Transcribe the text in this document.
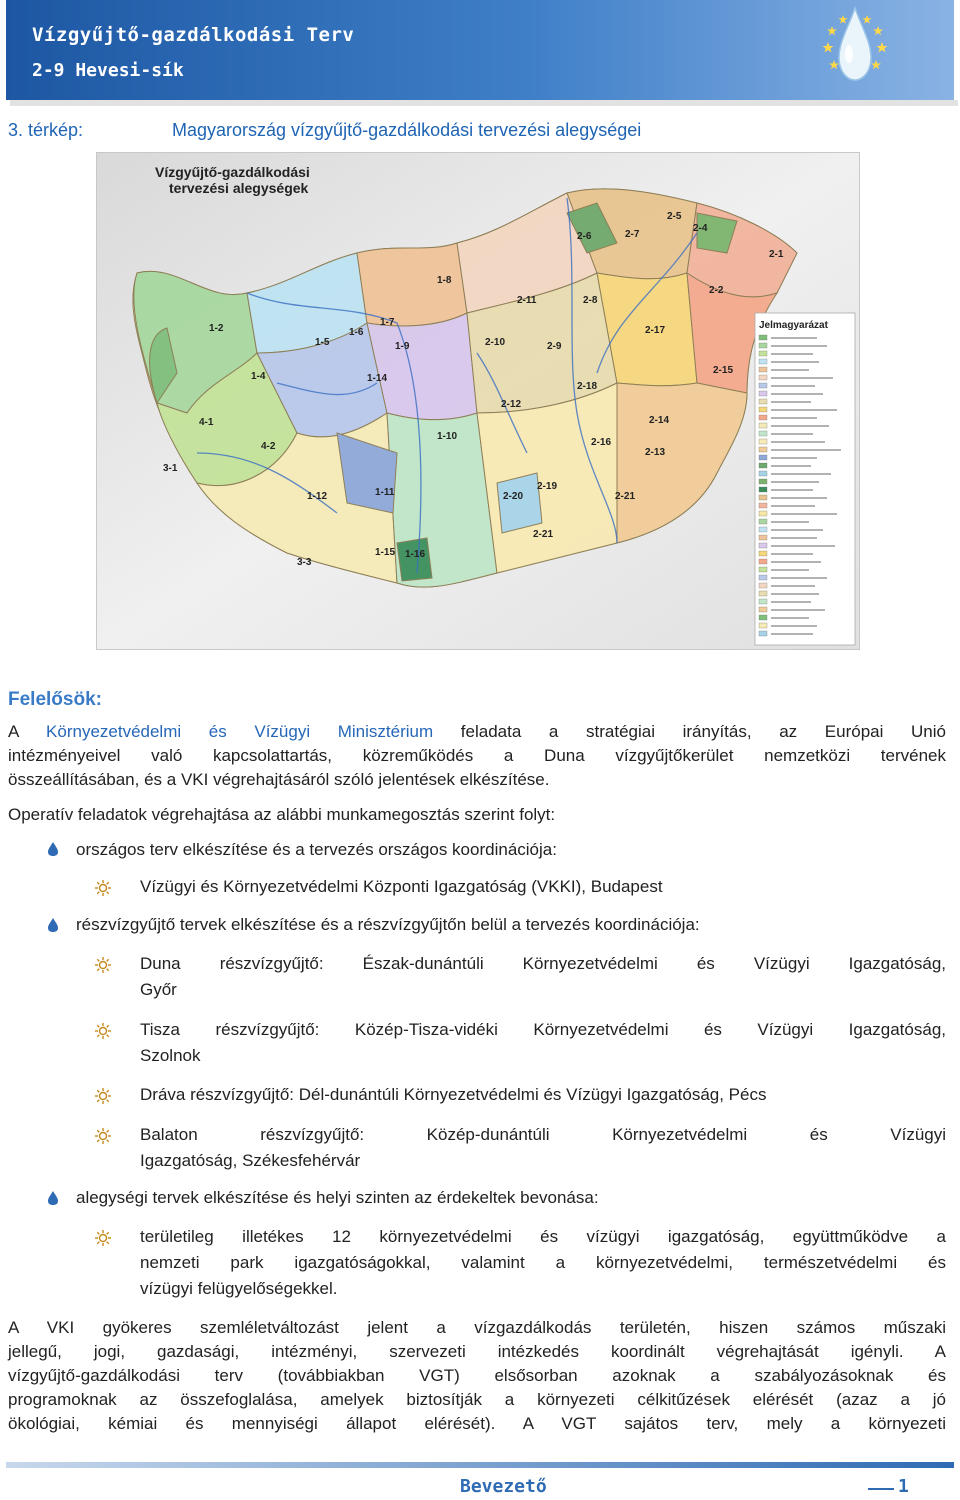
Vízgyűjtő-gazdálkodási Terv
2-9 Hevesi-sík
3. térkép:	Magyarország vízgyűjtő-gazdálkodási tervezési alegységei
1-2
1-5
1-6
1-7
1-8
1-9
1-4	1-14
4-1
4-2
3-1
1-11
1-12
1-10
2-12
2-10
2-11	2-8
2-9
2-18
2-17
2-16
2-19
2-20	2-21
2-21
2-14
2-13
2-15
2-2
2-1
2-4
2-5
2-7
2-6
1-15 1-16
3-3
Vízgyűjtő-gazdálkodási
tervezési alegységek
Jelmagyarázat
Felelősök:
A Környezetvédelmi és Vízügyi Minisztérium feladata a stratégiai irányítás, az Európai Unió
intézményeivel való kapcsolattartás, közreműködés a Duna vízgyűjtőkerület nemzetközi tervének
összeállításában, és a VKI végrehajtásáról szóló jelentések elkészítése.
Operatív feladatok végrehajtása az alábbi munkamegosztás szerint folyt:
országos terv elkészítése és a tervezés országos koordinációja:
Vízügyi és Környezetvédelmi Központi Igazgatóság (VKKI), Budapest
részvízgyűjtő tervek elkészítése és a részvízgyűjtőn belül a tervezés koordinációja:
Duna részvízgyűjtő: Észak-dunántúli Környezetvédelmi és Vízügyi Igazgatóság,
Győr
Tisza részvízgyűjtő: Közép-Tisza-vidéki Környezetvédelmi és Vízügyi Igazgatóság,
Szolnok
Dráva részvízgyűjtő: Dél-dunántúli Környezetvédelmi és Vízügyi Igazgatóság, Pécs
Balaton részvízgyűjtő: Közép-dunántúli Környezetvédelmi és Vízügyi
Igazgatóság, Székesfehérvár
alegységi tervek elkészítése és helyi szinten az érdekeltek bevonása:
területileg illetékes 12 környezetvédelmi és vízügyi igazgatóság, együttműködve a
nemzeti park igazgatóságokkal, valamint a környezetvédelmi, természetvédelmi és
vízügyi felügyelőségekkel.
A VKI gyökeres szemléletváltozást jelent a vízgazdálkodás területén, hiszen számos műszaki
jellegű, jogi, gazdasági, intézményi, szervezeti intézkedés koordinált végrehajtását igényli. A
vízgyűjtő-gazdálkodási terv (továbbiakban VGT) elsősorban azoknak a szabályozásoknak és
programoknak az összefoglalása, amelyek biztosítják a környezeti célkitűzések elérését (azaz a jó
ökológiai, kémiai és mennyiségi állapot elérését). A VGT sajátos terv, mely a környezeti
Bevezető	1
